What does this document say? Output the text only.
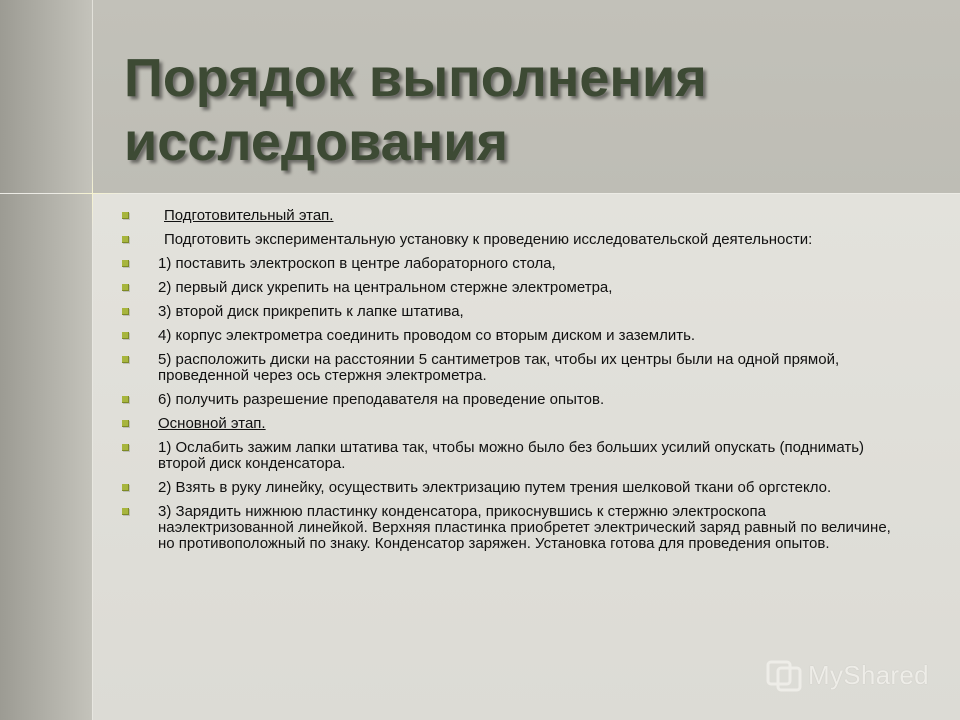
Порядок выполнения исследования
Подготовительный этап.
Подготовить экспериментальную установку к проведению исследовательской деятельности:
1) поставить электроскоп в центре лабораторного стола,
2) первый диск укрепить на центральном стержне электрометра,
3) второй диск прикрепить к лапке штатива,
4) корпус электрометра соединить проводом со вторым диском и заземлить.
5) расположить диски на расстоянии 5 сантиметров так, чтобы их центры были на одной прямой, проведенной через ось стержня электрометра.
6) получить разрешение преподавателя на проведение опытов.
Основной этап.
1) Ослабить зажим лапки штатива так, чтобы можно было без больших усилий опускать (поднимать) второй диск конденсатора.
2) Взять в руку линейку, осуществить электризацию путем трения шелковой ткани об оргстекло.
3) Зарядить нижнюю пластинку конденсатора, прикоснувшись к стержню электроскопа наэлектризованной линейкой. Верхняя пластинка приобретет электрический заряд равный по величине, но противоположный по знаку. Конденсатор заряжен. Установка готова для проведения опытов.
MyShared
